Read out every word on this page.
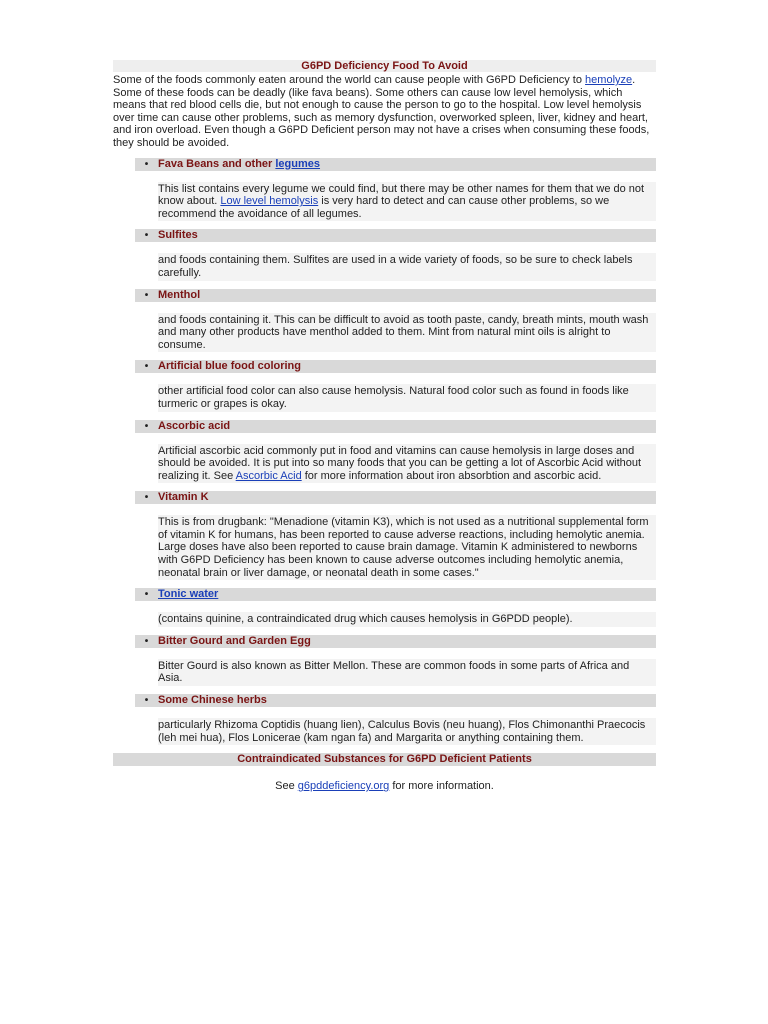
G6PD Deficiency Food To Avoid
Some of the foods commonly eaten around the world can cause people with G6PD Deficiency to hemolyze. Some of these foods can be deadly (like fava beans). Some others can cause low level hemolysis, which means that red blood cells die, but not enough to cause the person to go to the hospital. Low level hemolysis over time can cause other problems, such as memory dysfunction, overworked spleen, liver, kidney and heart, and iron overload. Even though a G6PD Deficient person may not have a crises when consuming these foods, they should be avoided.
• Fava Beans and other legumes
This list contains every legume we could find, but there may be other names for them that we do not know about. Low level hemolysis is very hard to detect and can cause other problems, so we recommend the avoidance of all legumes.
• Sulfites
and foods containing them. Sulfites are used in a wide variety of foods, so be sure to check labels carefully.
• Menthol
and foods containing it. This can be difficult to avoid as tooth paste, candy, breath mints, mouth wash and many other products have menthol added to them. Mint from natural mint oils is alright to consume.
• Artificial blue food coloring
other artificial food color can also cause hemolysis. Natural food color such as found in foods like turmeric or grapes is okay.
• Ascorbic acid
Artificial ascorbic acid commonly put in food and vitamins can cause hemolysis in large doses and should be avoided. It is put into so many foods that you can be getting a lot of Ascorbic Acid without realizing it. See Ascorbic Acid for more information about iron absorbtion and ascorbic acid.
• Vitamin K
This is from drugbank: "Menadione (vitamin K3), which is not used as a nutritional supplemental form of vitamin K for humans, has been reported to cause adverse reactions, including hemolytic anemia. Large doses have also been reported to cause brain damage. Vitamin K administered to newborns with G6PD Deficiency has been known to cause adverse outcomes including hemolytic anemia, neonatal brain or liver damage, or neonatal death in some cases."
• Tonic water
(contains quinine, a contraindicated drug which causes hemolysis in G6PDD people).
• Bitter Gourd and Garden Egg
Bitter Gourd is also known as Bitter Mellon. These are common foods in some parts of Africa and Asia.
• Some Chinese herbs
particularly Rhizoma Coptidis (huang lien), Calculus Bovis (neu huang), Flos Chimonanthi Praecocis (leh mei hua), Flos Lonicerae (kam ngan fa) and Margarita or anything containing them.
Contraindicated Substances for G6PD Deficient Patients
See g6pddeficiency.org for more information.
